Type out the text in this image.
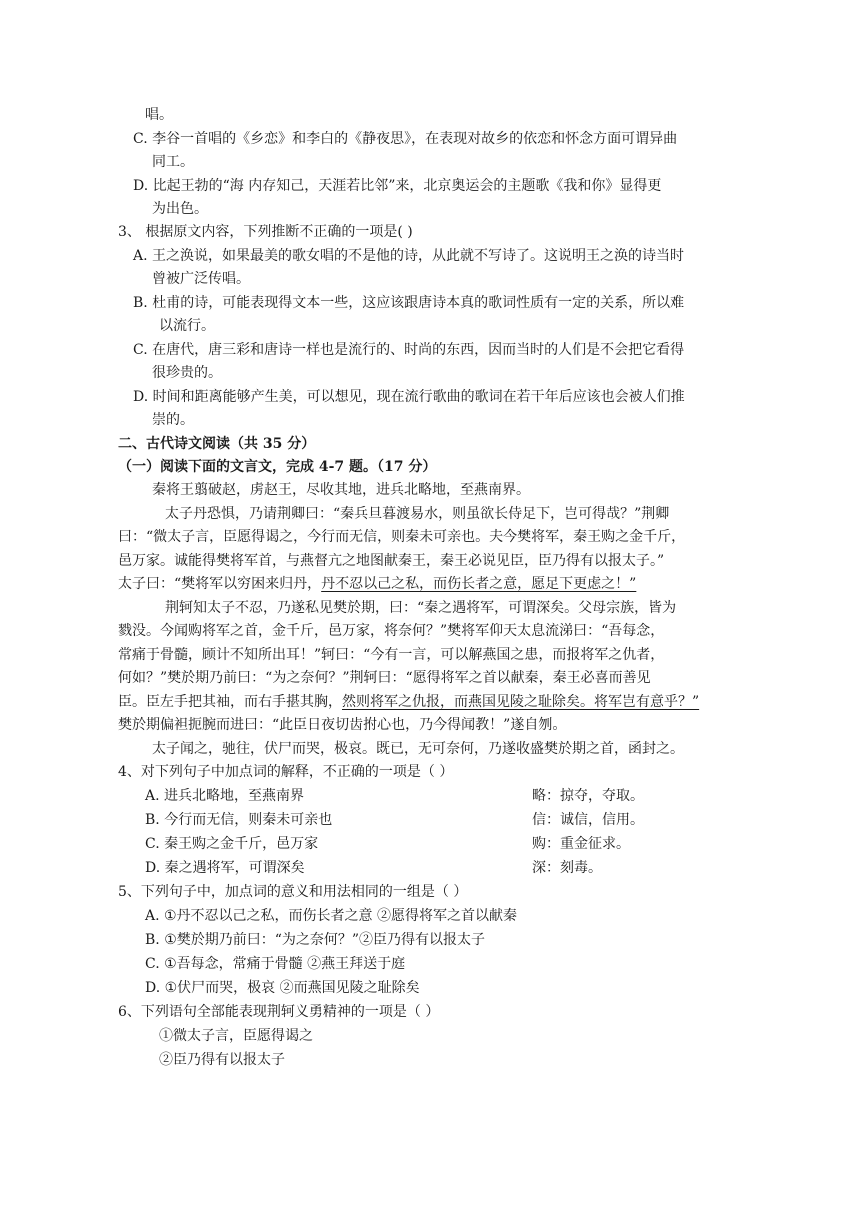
唱。
C. 李谷一首唱的《乡恋》和李白的《静夜思》，在表现对故乡的依恋和怀念方面可谓异曲
同工。
D. 比起王勃的“海 内存知己，天涯若比邻”来，北京奥运会的主题歌《我和你》显得更
为出色。
3、 根据原文内容，下列推断不正确的一项是( )
A. 王之涣说，如果最美的歌女唱的不是他的诗，从此就不写诗了。这说明王之涣的诗当时
曾被广泛传唱。
B. 杜甫的诗，可能表现得文本一些，这应该跟唐诗本真的歌词性质有一定的关系，所以难
以流行。
C. 在唐代，唐三彩和唐诗一样也是流行的、时尚的东西，因而当时的人们是不会把它看得
很珍贵的。
D. 时间和距离能够产生美，可以想见，现在流行歌曲的歌词在若干年后应该也会被人们推
崇的。
二、古代诗文阅读（共 35 分）
（一）阅读下面的文言文，完成 4-7 题。（17 分）
秦将王翦破赵，虏赵王，尽收其地，进兵北略地，至燕南界。
太子丹恐惧，乃请荆卿曰：“秦兵旦暮渡易水，则虽欲长侍足下，岂可得哉？”荆卿
曰：“微太子言，臣愿得谒之，今行而无信，则秦未可亲也。夫今樊将军，秦王购之金千斤，
邑万家。诚能得樊将军首，与燕督亢之地图献秦王，秦王必说见臣，臣乃得有以报太子。”
太子曰：“樊将军以穷困来归丹，丹不忍以己之私，而伤长者之意，愿足下更虑之！”
荆轲知太子不忍，乃遂私见樊於期，曰：“秦之遇将军，可谓深矣。父母宗族，皆为
戮没。今闻购将军之首，金千斤，邑万家，将奈何？”樊将军仰天太息流涕曰：“吾每念，
常痛于骨髓，顾计不知所出耳！”轲曰：“今有一言，可以解燕国之患，而报将军之仇者，
何如？”樊於期乃前曰：“为之奈何？”荆轲曰：“愿得将军之首以献秦，秦王必喜而善见
臣。臣左手把其袖，而右手揕其胸，然则将军之仇报，而燕国见陵之耻除矣。将军岂有意乎？”
樊於期偏袒扼腕而进曰：“此臣日夜切齿拊心也，乃今得闻教！”遂自刎。
太子闻之，驰往，伏尸而哭，极哀。既已，无可奈何，乃遂收盛樊於期之首，函封之。
4、对下列句子中加点词的解释，不正确的一项是（ ）
A. 进兵北略地，至燕南界	略：掠夺，夺取。
B. 今行而无信，则秦未可亲也	信：诚信，信用。
C. 秦王购之金千斤，邑万家	购：重金征求。
D. 秦之遇将军，可谓深矣	深：刻毒。
5、下列句子中，加点词的意义和用法相同的一组是（ ）
A. ①丹不忍以己之私，而伤长者之意 ②愿得将军之首以献秦
B. ①樊於期乃前曰：“为之奈何？”②臣乃得有以报太子
C. ①吾每念，常痛于骨髓 ②燕王拜送于庭
D. ①伏尸而哭，极哀 ②而燕国见陵之耻除矣
6、下列语句全部能表现荆轲义勇精神的一项是（ ）
①微太子言，臣愿得谒之
②臣乃得有以报太子
